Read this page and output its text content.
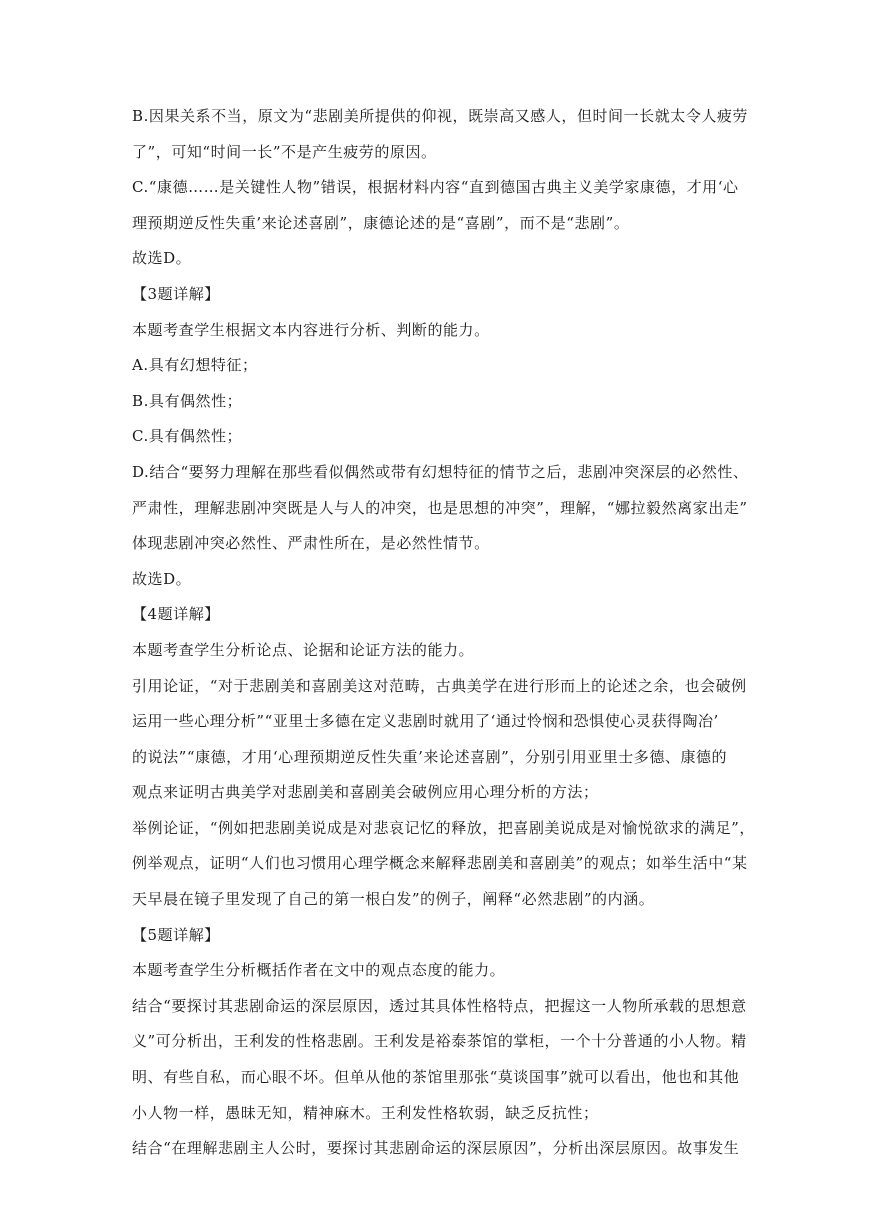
B.因果关系不当，原文为“悲剧美所提供的仰视，既崇高又感人，但时间一长就太令人疲劳
了”，可知“时间一长”不是产生疲劳的原因。
C.“康德……是关键性人物”错误，根据材料内容“直到德国古典主义美学家康德，才用‘心
理预期逆反性失重’来论述喜剧”，康德论述的是“喜剧”，而不是“悲剧”。
故选D。
【3题详解】
本题考查学生根据文本内容进行分析、判断的能力。
A.具有幻想特征；
B.具有偶然性；
C.具有偶然性；
D.结合“要努力理解在那些看似偶然或带有幻想特征的情节之后，悲剧冲突深层的必然性、
严肃性，理解悲剧冲突既是人与人的冲突，也是思想的冲突”，理解，“娜拉毅然离家出走”
体现悲剧冲突必然性、严肃性所在，是必然性情节。
故选D。
【4题详解】
本题考查学生分析论点、论据和论证方法的能力。
引用论证，“对于悲剧美和喜剧美这对范畴，古典美学在进行形而上的论述之余，也会破例
运用一些心理分析”“亚里士多德在定义悲剧时就用了‘通过怜悯和恐惧使心灵获得陶冶’
的说法”“康德，才用‘心理预期逆反性失重’来论述喜剧”，分别引用亚里士多德、康德的
观点来证明古典美学对悲剧美和喜剧美会破例应用心理分析的方法；
举例论证，“例如把悲剧美说成是对悲哀记忆的释放，把喜剧美说成是对愉悦欲求的满足”，
例举观点，证明“人们也习惯用心理学概念来解释悲剧美和喜剧美”的观点；如举生活中“某
天早晨在镜子里发现了自己的第一根白发”的例子，阐释“必然悲剧”的内涵。
【5题详解】
本题考查学生分析概括作者在文中的观点态度的能力。
结合“要探讨其悲剧命运的深层原因，透过其具体性格特点，把握这一人物所承载的思想意
义”可分析出，王利发的性格悲剧。王利发是裕泰茶馆的掌柜，一个十分普通的小人物。精
明、有些自私，而心眼不坏。但单从他的茶馆里那张“莫谈国事”就可以看出，他也和其他
小人物一样，愚昧无知，精神麻木。王利发性格软弱，缺乏反抗性；
结合“在理解悲剧主人公时，要探讨其悲剧命运的深层原因”，分析出深层原因。故事发生
